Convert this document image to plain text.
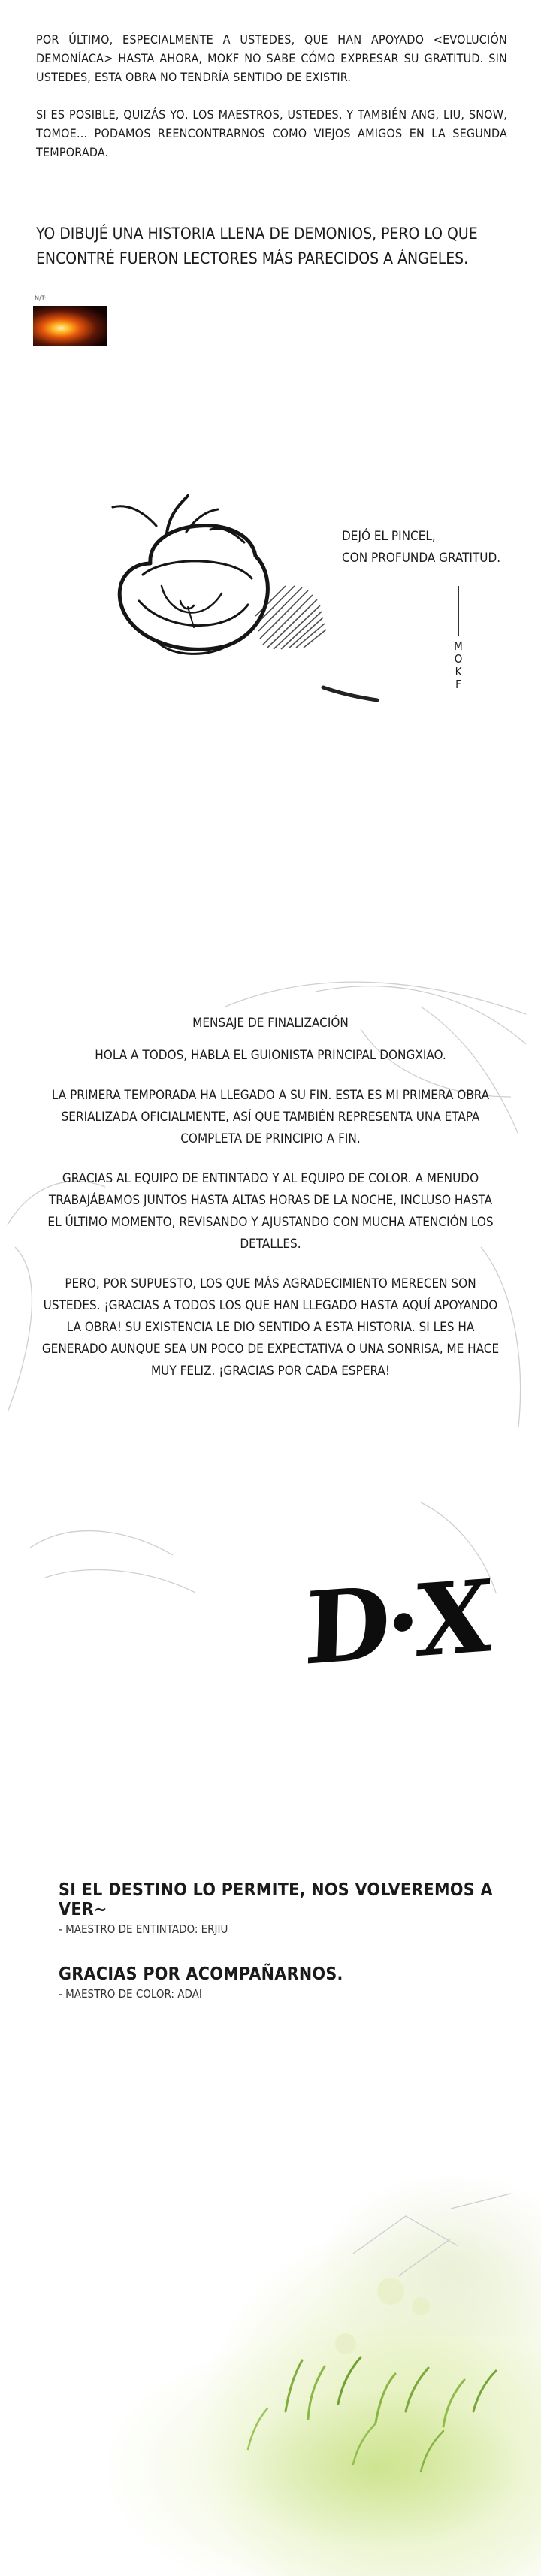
POR ÚLTIMO, ESPECIALMENTE A USTEDES, QUE HAN APOYADO <EVOLUCIÓN DEMONÍACA> HASTA AHORA, MOKF NO SABE CÓMO EXPRESAR SU GRATITUD. SIN USTEDES, ESTA OBRA NO TENDRÍA SENTIDO DE EXISTIR.

SI ES POSIBLE, QUIZÁS YO, LOS MAESTROS, USTEDES, Y TAMBIÉN ANG, LIU, SNOW, TOMOE... PODAMOS REENCONTRARNOS COMO VIEJOS AMIGOS EN LA SEGUNDA TEMPORADA.

YO DIBUJÉ UNA HISTORIA LLENA DE DEMONIOS, PERO LO QUE ENCONTRÉ FUERON LECTORES MÁS PARECIDOS A ÁNGELES.

N/T:
DEJÓ EL PINCEL,
CON PROFUNDA GRATITUD.
M
O
K
F

MENSAJE DE FINALIZACIÓN

HOLA A TODOS, HABLA EL GUIONISTA PRINCIPAL DONGXIAO.

LA PRIMERA TEMPORADA HA LLEGADO A SU FIN. ESTA ES MI PRIMERA OBRA SERIALIZADA OFICIALMENTE, ASÍ QUE TAMBIÉN REPRESENTA UNA ETAPA COMPLETA DE PRINCIPIO A FIN.

GRACIAS AL EQUIPO DE ENTINTADO Y AL EQUIPO DE COLOR. A MENUDO TRABAJÁBAMOS JUNTOS HASTA ALTAS HORAS DE LA NOCHE, INCLUSO HASTA EL ÚLTIMO MOMENTO, REVISANDO Y AJUSTANDO CON MUCHA ATENCIÓN LOS DETALLES.

PERO, POR SUPUESTO, LOS QUE MÁS AGRADECIMIENTO MERECEN SON USTEDES. ¡GRACIAS A TODOS LOS QUE HAN LLEGADO HASTA AQUÍ APOYANDO LA OBRA! SU EXISTENCIA LE DIO SENTIDO A ESTA HISTORIA. SI LES HA GENERADO AUNQUE SEA UN POCO DE EXPECTATIVA O UNA SONRISA, ME HACE MUY FELIZ. ¡GRACIAS POR CADA ESPERA!

D·X
SI EL DESTINO LO PERMITE, NOS VOLVEREMOS A VER~
- MAESTRO DE ENTINTADO: ERJIU
GRACIAS POR ACOMPAÑARNOS.
- MAESTRO DE COLOR: ADAI
